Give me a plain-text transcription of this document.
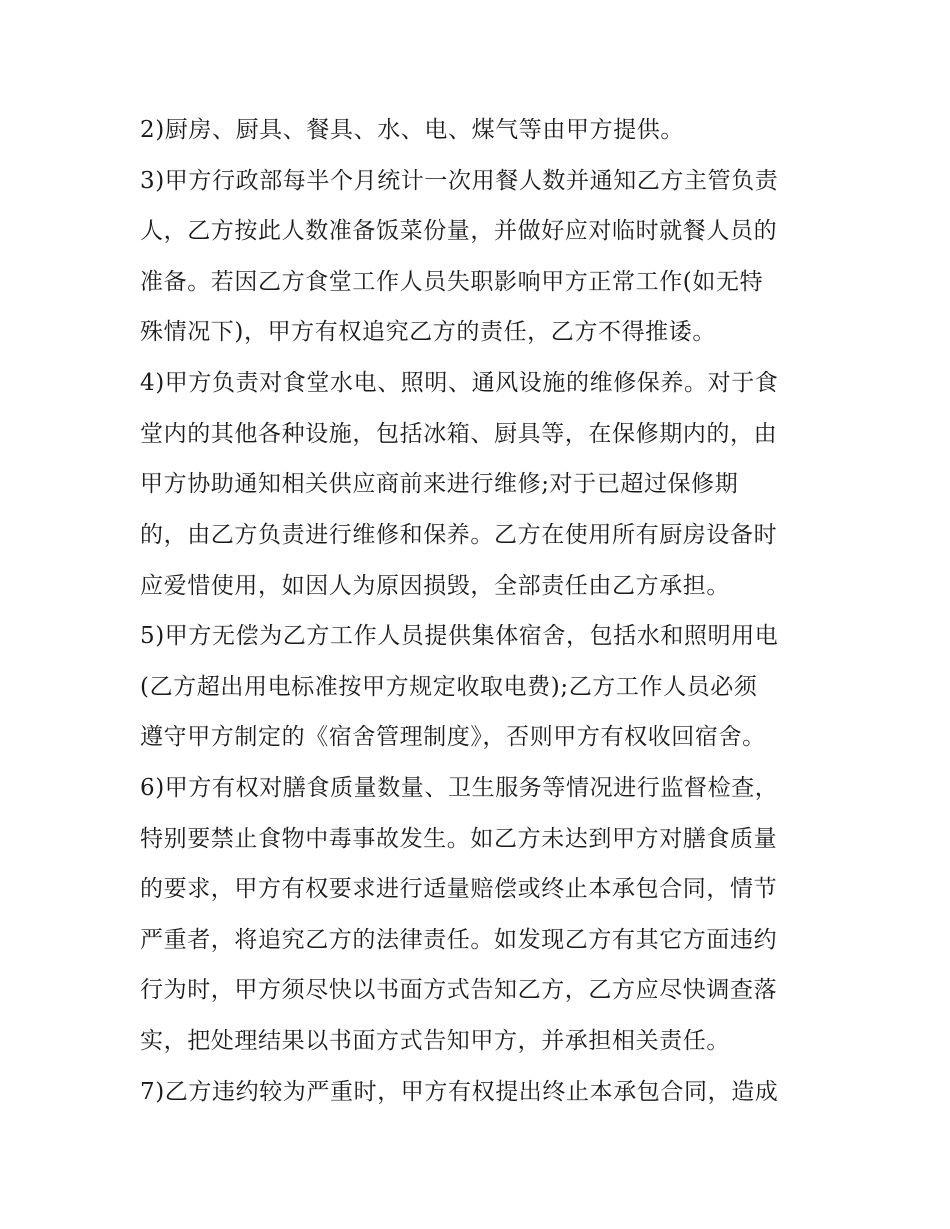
2)厨房、厨具、餐具、水、电、煤气等由甲方提供。
3)甲方行政部每半个月统计一次用餐人数并通知乙方主管负责
人，乙方按此人数准备饭菜份量，并做好应对临时就餐人员的
准备。若因乙方食堂工作人员失职影响甲方正常工作(如无特
殊情况下)，甲方有权追究乙方的责任，乙方不得推诿。
4)甲方负责对食堂水电、照明、通风设施的维修保养。对于食
堂内的其他各种设施，包括冰箱、厨具等，在保修期内的，由
甲方协助通知相关供应商前来进行维修;对于已超过保修期
的，由乙方负责进行维修和保养。乙方在使用所有厨房设备时
应爱惜使用，如因人为原因损毁，全部责任由乙方承担。
5)甲方无偿为乙方工作人员提供集体宿舍，包括水和照明用电
(乙方超出用电标准按甲方规定收取电费);乙方工作人员必须
遵守甲方制定的《宿舍管理制度》，否则甲方有权收回宿舍。
6)甲方有权对膳食质量数量、卫生服务等情况进行监督检查，
特别要禁止食物中毒事故发生。如乙方未达到甲方对膳食质量
的要求，甲方有权要求进行适量赔偿或终止本承包合同，情节
严重者，将追究乙方的法律责任。如发现乙方有其它方面违约
行为时，甲方须尽快以书面方式告知乙方，乙方应尽快调查落
实，把处理结果以书面方式告知甲方，并承担相关责任。
7)乙方违约较为严重时，甲方有权提出终止本承包合同，造成
